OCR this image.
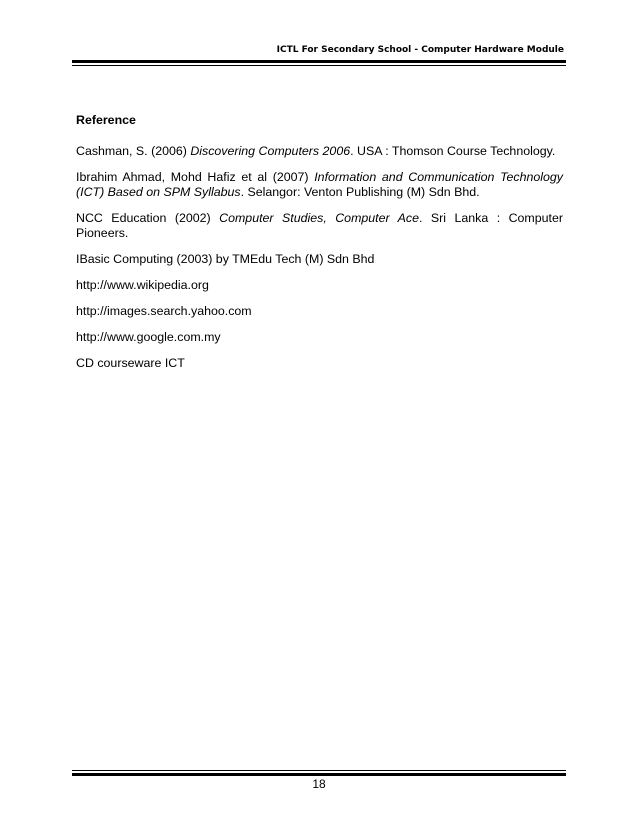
ICTL For Secondary School - Computer Hardware Module

Reference

Cashman, S. (2006) Discovering Computers 2006. USA : Thomson Course Technology.

Ibrahim Ahmad, Mohd Hafiz et al (2007) Information and Communication Technology (ICT) Based on SPM Syllabus. Selangor: Venton Publishing (M) Sdn Bhd.

NCC Education (2002) Computer Studies, Computer Ace. Sri Lanka : Computer Pioneers.

IBasic Computing (2003) by TMEdu Tech (M) Sdn Bhd

http://www.wikipedia.org

http://images.search.yahoo.com

http://www.google.com.my

CD courseware ICT

18
